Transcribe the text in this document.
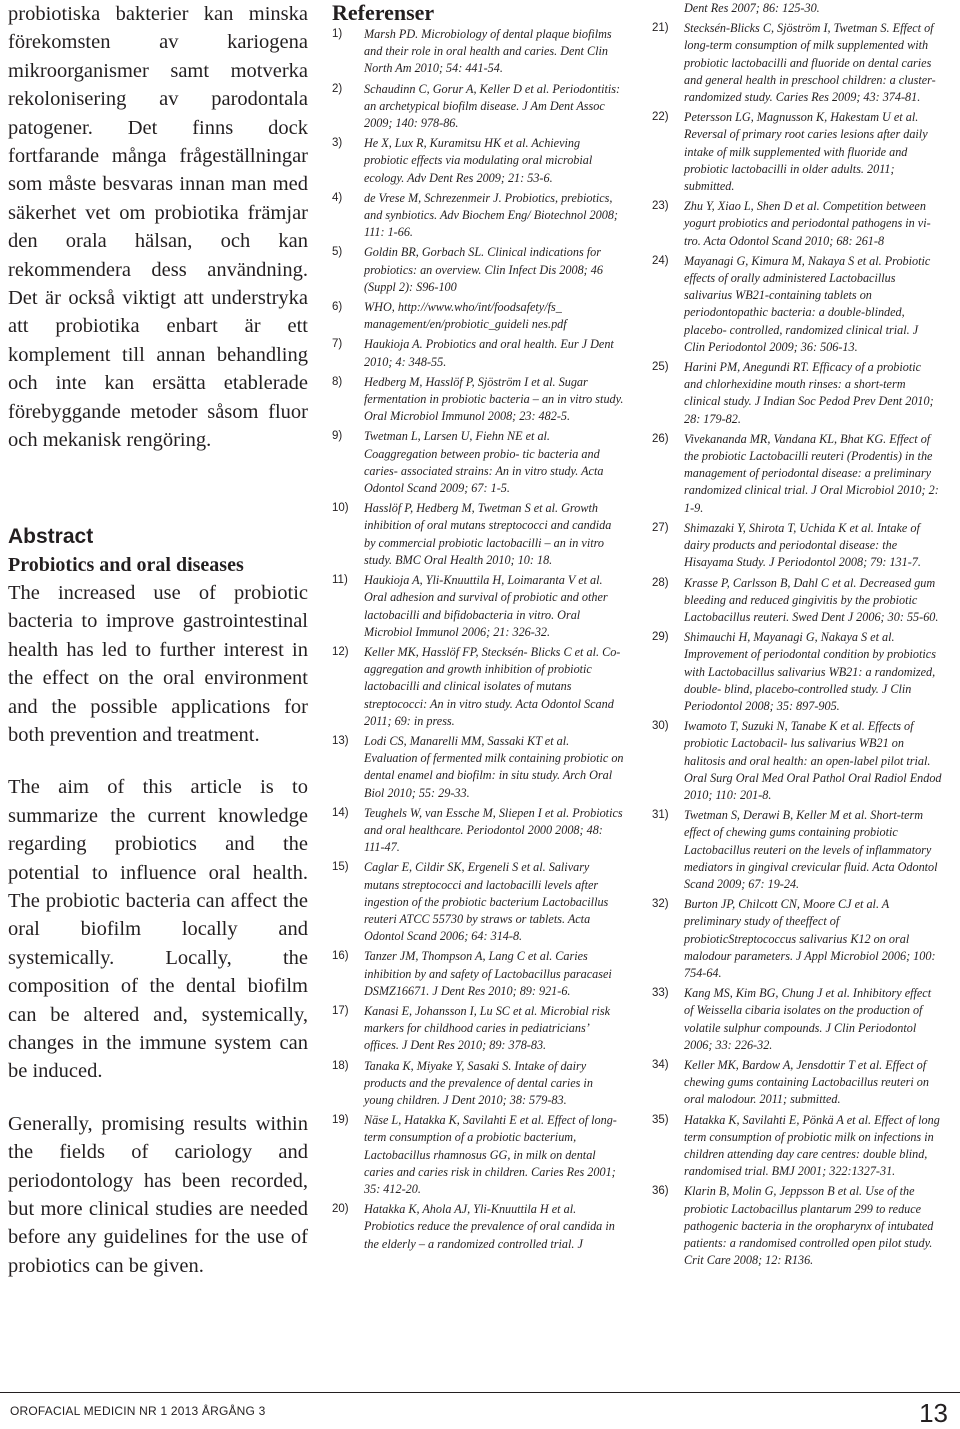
probiotiska bakterier kan minska förekomsten av kariogena mikroorganismer samt motverka rekolonisering av parodontala patogener. Det finns dock fortfarande många frågeställningar som måste besvaras innan man med säkerhet vet om probiotika främjar den orala hälsan, och kan rekommendera dess användning. Det är också viktigt att understryka att probiotika enbart är ett komplement till annan behandling och inte kan ersätta etablerade förebyggande metoder såsom fluor och mekanisk rengöring.

Abstract

Probiotics and oral diseases

The increased use of probiotic bacteria to improve gastrointestinal health has led to further interest in the effect on the oral environment and the possible applications for both prevention and treatment.

The aim of this article is to summarize the current knowledge regarding probiotics and the potential to influence oral health. The probiotic bacteria can affect the oral biofilm locally and systemically. Locally, the composition of the dental biofilm can be altered and, systemically, changes in the immune system can be induced.

Generally, promising results within the fields of cariology and periodontology has been recorded, but more clinical studies are needed before any guidelines for the use of probiotics can be given.

Referenser
1)	Marsh PD. Microbiology of dental plaque biofilms and their role in oral health and caries. Dent Clin North Am 2010; 54: 441-54.
2)	Schaudinn C, Gorur A, Keller D et al. Periodontitis: an archetypical biofilm disease. J Am Dent Assoc 2009; 140: 978-86.
3)	He X, Lux R, Kuramitsu HK et al. Achieving probiotic effects via modulating oral microbial ecology. Adv Dent Res 2009; 21: 53-6.
4)	de Vrese M, Schrezenmeir J. Probiotics, prebiotics, and synbiotics. Adv Biochem Eng/ Biotechnol 2008; 111: 1-66.
5)	Goldin BR, Gorbach SL. Clinical indications for probiotics: an overview. Clin Infect Dis 2008; 46 (Suppl 2): S96-100
6)	WHO, http://www.who/int/foodsafety/fs_ management/en/probiotic_guideli nes.pdf
7)	Haukioja A. Probiotics and oral health. Eur J Dent 2010; 4: 348-55.
8)	Hedberg M, Hasslöf P, Sjöström I et al. Sugar fermentation in probiotic bacteria – an in vitro study. Oral Microbiol Immunol 2008; 23: 482-5.
9)	Twetman L, Larsen U, Fiehn NE et al. Coaggregation between probio- tic bacteria and caries- associated strains: An in vitro study. Acta Odontol Scand 2009; 67: 1-5.
10)	Hasslöf P, Hedberg M, Twetman S et al. Growth inhibition of oral mutans streptococci and candida by commercial probiotic lactobacilli – an in vitro study. BMC Oral Health 2010; 10: 18.
11)	Haukioja A, Yli-Knuuttila H, Loimaranta V et al. Oral adhesion and survival of probiotic and other lactobacilli and bifidobacteria in vitro. Oral Microbiol Immunol 2006; 21: 326-32.
12)	Keller MK, Hasslöf FP, Stecksén- Blicks C et al. Co-aggregation and growth inhibition of probiotic lactobacilli and clinical isolates of mutans streptococci: An in vitro study. Acta Odontol Scand 2011; 69: in press.
13)	Lodi CS, Manarelli MM, Sassaki KT et al. Evaluation of fermented milk containing probiotic on dental enamel and biofilm: in situ study. Arch Oral Biol 2010; 55: 29-33.
14)	Teughels W, van Essche M, Sliepen I et al. Probiotics and oral healthcare. Periodontol 2000 2008; 48: 111-47.
15)	Caglar E, Cildir SK, Ergeneli S et al. Salivary mutans streptococci and lactobacilli levels after ingestion of the probiotic bacterium Lactobacillus reuteri ATCC 55730 by straws or tablets. Acta Odontol Scand 2006; 64: 314-8.
16)	Tanzer JM, Thompson A, Lang C et al. Caries inhibition by and safety of Lactobacillus paracasei DSMZ16671. J Dent Res 2010; 89: 921-6.
17)	Kanasi E, Johansson I, Lu SC et al. Microbial risk markers for childhood caries in pediatricians’ offices. J Dent Res 2010; 89: 378-83.
18)	Tanaka K, Miyake Y, Sasaki S. Intake of dairy products and the prevalence of dental caries in young children. J Dent 2010; 38: 579-83.
19)	Näse L, Hatakka K, Savilahti E et al. Effect of long-term consumption of a probiotic bacterium, Lactobacillus rhamnosus GG, in milk on dental caries and caries risk in children. Caries Res 2001; 35: 412-20.
20)	Hatakka K, Ahola AJ, Yli-Knuuttila H et al. Probiotics reduce the prevalence of oral candida in the elderly – a randomized controlled trial. J
Dent Res 2007; 86: 125-30.
21)	Stecksén-Blicks C, Sjöström I, Twetman S. Effect of long-term consumption of milk supplemented with probiotic lactobacilli and fluoride on dental caries and general health in preschool children: a cluster- randomized study. Caries Res 2009; 43: 374-81.
22)	Petersson LG, Magnusson K, Hakestam U et al. Reversal of primary root caries lesions after daily intake of milk supplemented with fluoride and probiotic lactobacilli in older adults. 2011; submitted.
23)	Zhu Y, Xiao L, Shen D et al. Competition between yogurt probiotics and periodontal pathogens in vi- tro. Acta Odontol Scand 2010; 68: 261-8
24)	Mayanagi G, Kimura M, Nakaya S et al. Probiotic effects of orally administered Lactobacillus salivarius WB21-containing tablets on periodontopathic bacteria: a double-blinded, placebo- controlled, randomized clinical trial. J Clin Periodontol 2009; 36: 506-13.
25)	Harini PM, Anegundi RT. Efficacy of a probiotic and chlorhexidine mouth rinses: a short-term clinical study. J Indian Soc Pedod Prev Dent 2010; 28: 179-82.
26)	Vivekananda MR, Vandana KL, Bhat KG. Effect of the probiotic Lactobacilli reuteri (Prodentis) in the management of periodontal disease: a preliminary randomized clinical trial. J Oral Microbiol 2010; 2: 1-9.
27)	Shimazaki Y, Shirota T, Uchida K et al. Intake of dairy products and periodontal disease: the Hisayama Study. J Periodontol 2008; 79: 131-7.
28)	Krasse P, Carlsson B, Dahl C et al. Decreased gum bleeding and reduced gingivitis by the probiotic Lactobacillus reuteri. Swed Dent J 2006; 30: 55-60.
29)	Shimauchi H, Mayanagi G, Nakaya S et al. Improvement of periodontal condition by probiotics with Lactobacillus salivarius WB21: a randomized, double- blind, placebo-controlled study. J Clin Periodontol 2008; 35: 897-905.
30)	Iwamoto T, Suzuki N, Tanabe K et al. Effects of probiotic Lactobacil- lus salivarius WB21 on halitosis and oral health: an open-label pilot trial. Oral Surg Oral Med Oral Pathol Oral Radiol Endod 2010; 110: 201-8.
31)	Twetman S, Derawi B, Keller M et al. Short-term effect of chewing gums containing probiotic Lactobacillus reuteri on the levels of inflammatory mediators in gingival crevicular fluid. Acta Odontol Scand 2009; 67: 19-24.
32)	Burton JP, Chilcott CN, Moore CJ et al. A preliminary study of theeffect of probioticStreptococcus salivarius K12 on oral malodour parameters. J Appl Microbiol 2006; 100: 754-64.
33)	Kang MS, Kim BG, Chung J et al. Inhibitory effect of Weissella cibaria isolates on the production of volatile sulphur compounds. J Clin Periodontol 2006; 33: 226-32.
34)	Keller MK, Bardow A, Jensdottir T et al. Effect of chewing gums containing Lactobacillus reuteri on oral malodour. 2011; submitted.
35)	Hatakka K, Savilahti E, Pönkä A et al. Effect of long term consumption of probiotic milk on infections in children attending day care centres: double blind, randomised trial. BMJ 2001; 322:1327-31.
36)	Klarin B, Molin G, Jeppsson B et al. Use of the probiotic Lactobacillus plantarum 299 to reduce pathogenic bacteria in the oropharynx of intubated patients: a randomised controlled open pilot study. Crit Care 2008; 12: R136.
OROFACIAL MEDICIN NR 1 2013 ÅRGÅNG 3	13
